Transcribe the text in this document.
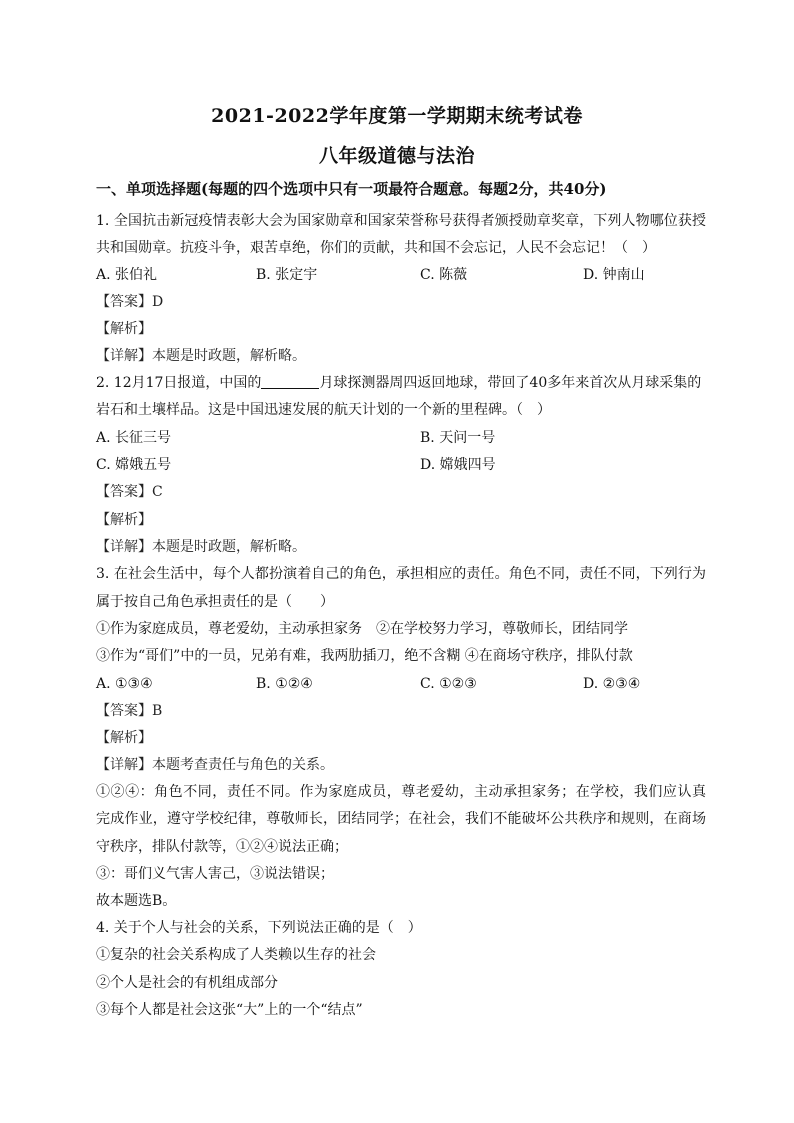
2021-2022学年度第一学期期末统考试卷
八年级道德与法治
一、单项选择题(每题的四个选项中只有一项最符合题意。每题2分，共40分)
1. 全国抗击新冠疫情表彰大会为国家勋章和国家荣誉称号获得者颁授勋章奖章，下列人物哪位获授
共和国勋章。抗疫斗争，艰苦卓绝，你们的贡献，共和国不会忘记，人民不会忘记！（　）
A. 张伯礼	B. 张定宇	C. 陈薇	D. 钟南山
【答案】D
【解析】
【详解】本题是时政题，解析略。
2. 12月17日报道，中国的	月球探测器周四返回地球，带回了40多年来首次从月球采集的
岩石和土壤样品。这是中国迅速发展的航天计划的一个新的里程碑。（　）
A. 长征三号	B. 天问一号
C. 嫦娥五号	D. 嫦娥四号
【答案】C
【解析】
【详解】本题是时政题，解析略。
3. 在社会生活中，每个人都扮演着自己的角色，承担相应的责任。角色不同，责任不同，下列行为
属于按自己角色承担责任的是（　　）
①作为家庭成员，尊老爱幼，主动承担家务　②在学校努力学习，尊敬师长，团结同学
③作为“哥们”中的一员，兄弟有难，我两肋插刀，绝不含糊 ④在商场守秩序，排队付款
A. ①③④	B. ①②④	C. ①②③	D. ②③④
【答案】B
【解析】
【详解】本题考查责任与角色的关系。
①②④：角色不同，责任不同。作为家庭成员，尊老爱幼，主动承担家务；在学校，我们应认真
完成作业，遵守学校纪律，尊敬师长，团结同学；在社会，我们不能破坏公共秩序和规则，在商场
守秩序，排队付款等，①②④说法正确；
③：哥们义气害人害己，③说法错误；
故本题选B。
4. 关于个人与社会的关系，下列说法正确的是（　）
①复杂的社会关系构成了人类赖以生存的社会
②个人是社会的有机组成部分
③每个人都是社会这张“大”上的一个“结点”
